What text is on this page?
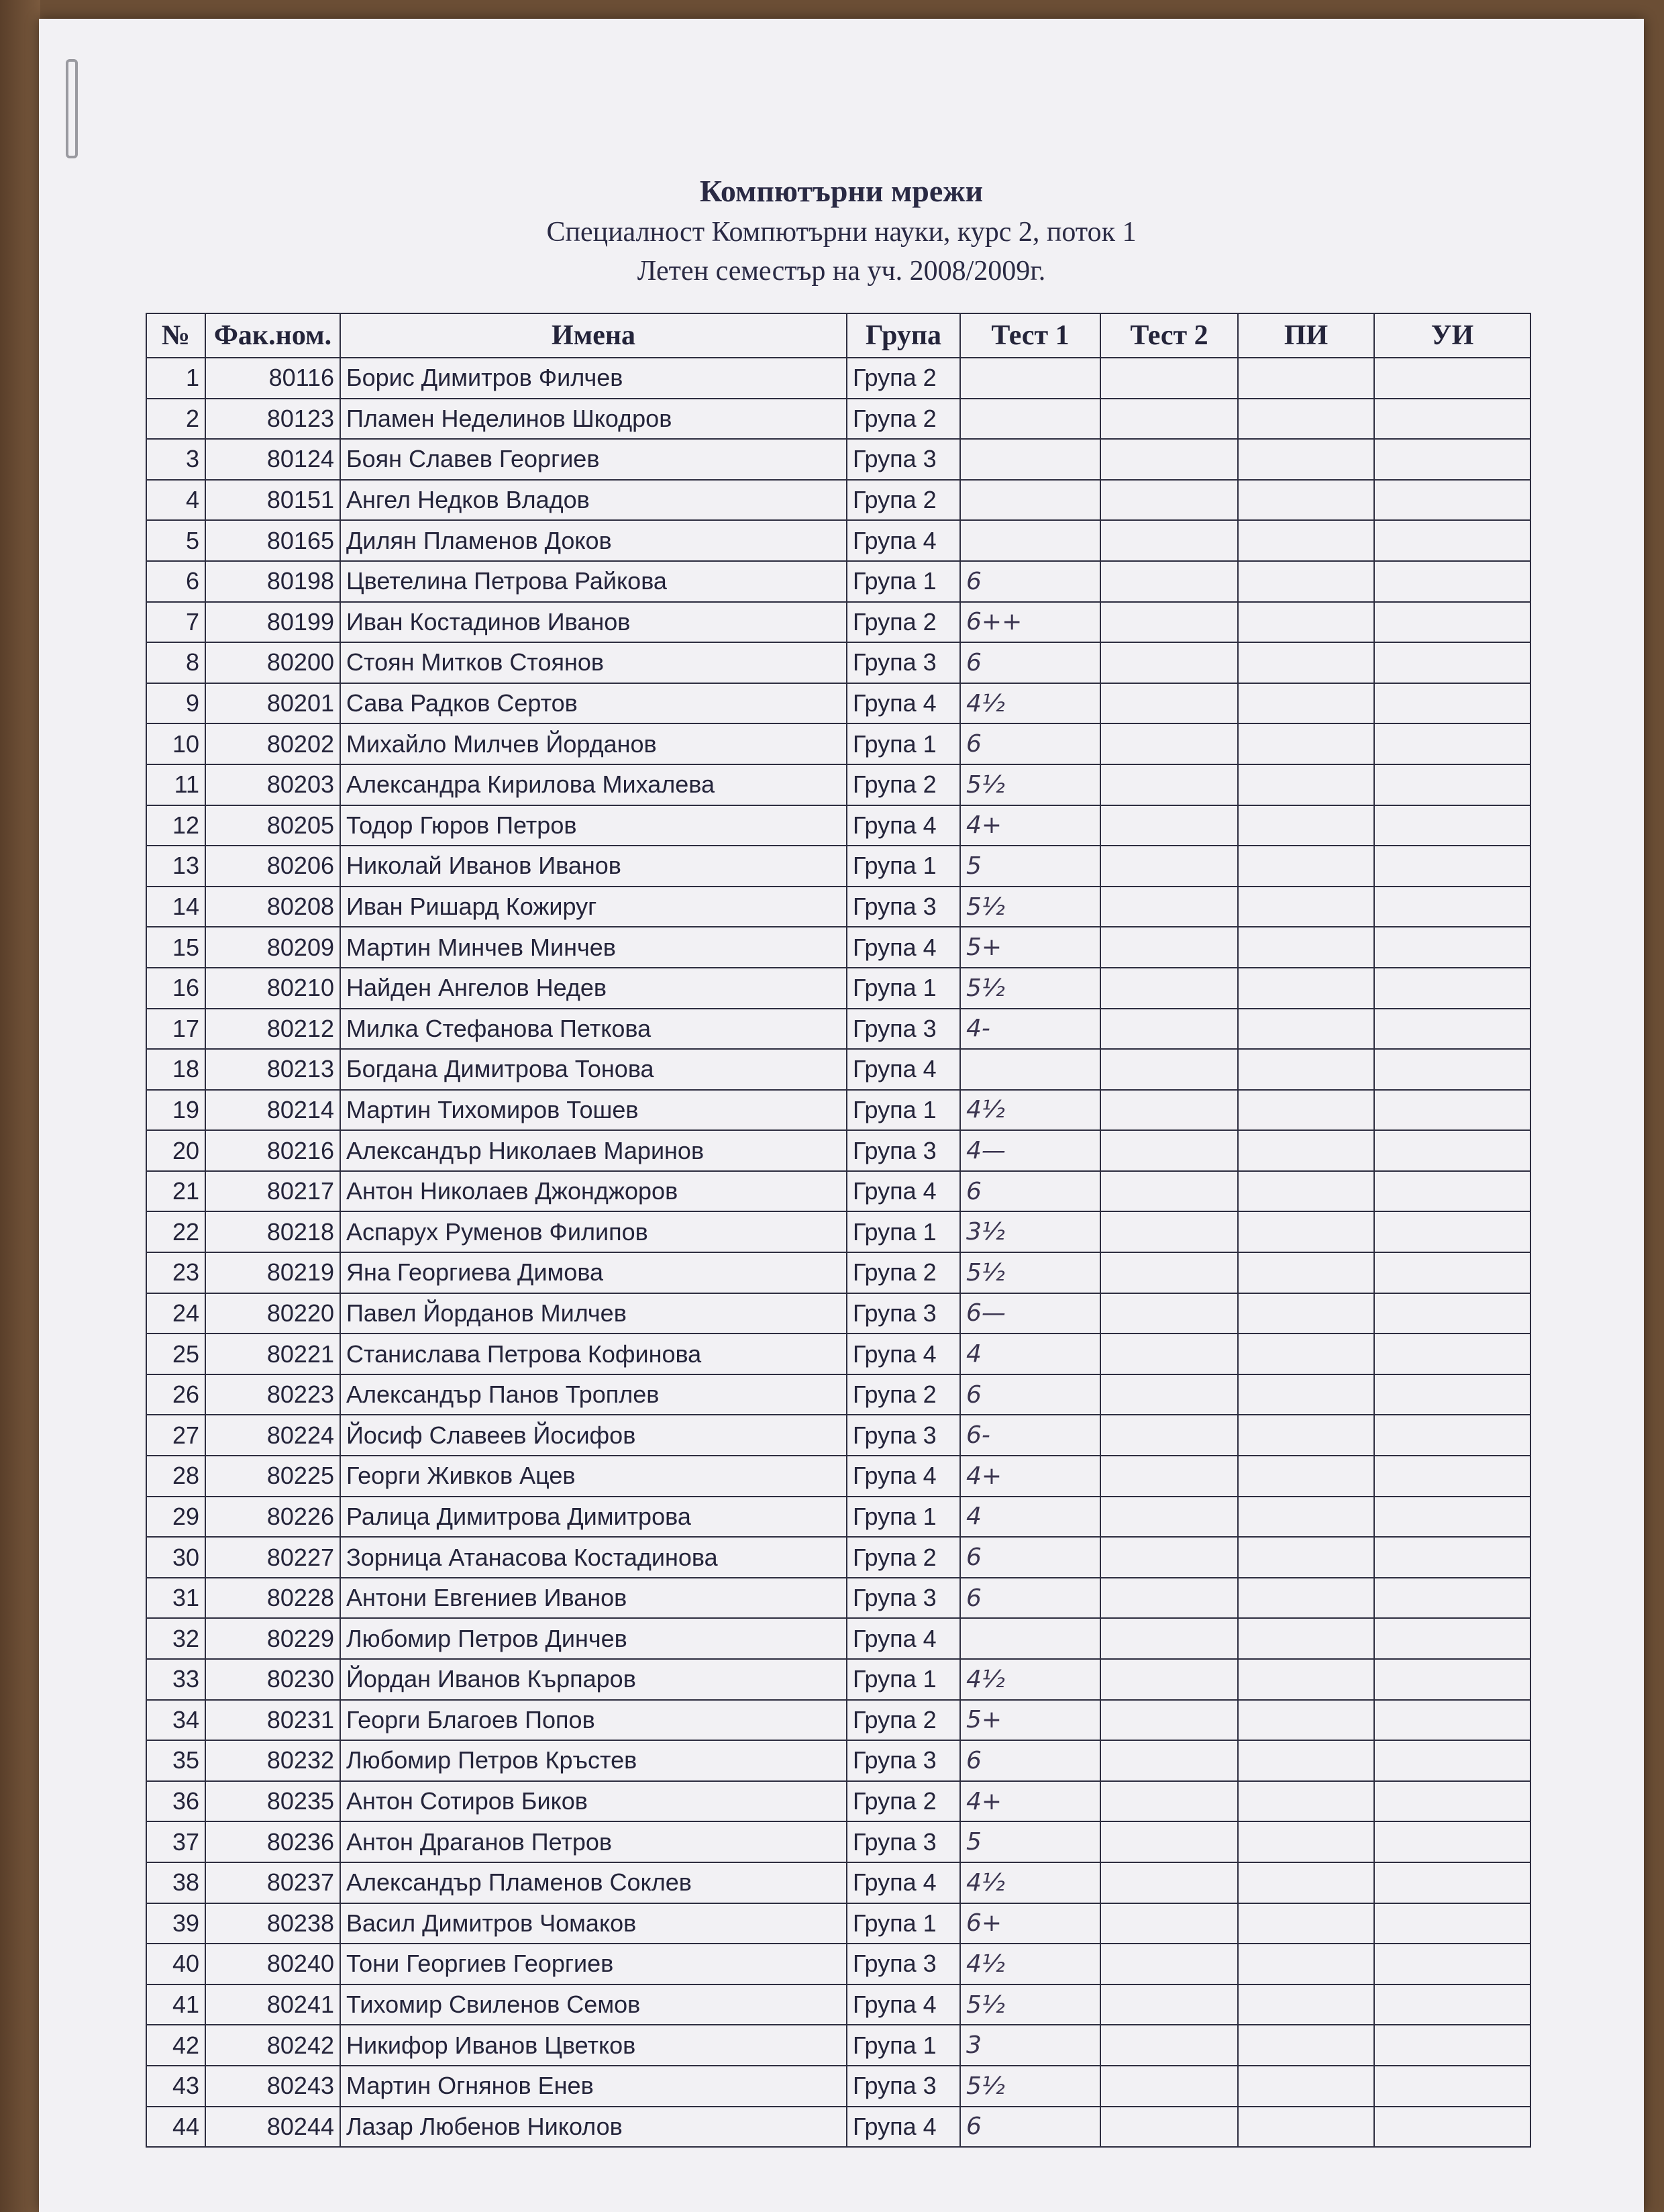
Компютърни мрежи
Специалност Компютърни науки, курс 2, поток 1
Летен семестър на уч. 2008/2009г.
№	Фак.ном.	Имена	Група	Тест 1	Тест 2	ПИ	УИ
1	80116	Борис Димитров Филчев	Група 2				
2	80123	Пламен Неделинов Шкодров	Група 2				
3	80124	Боян Славев Георгиев	Група 3				
4	80151	Ангел Недков Владов	Група 2				
5	80165	Дилян Пламенов Доков	Група 4				
6	80198	Цветелина Петрова Райкова	Група 1	6			
7	80199	Иван Костадинов Иванов	Група 2	6++			
8	80200	Стоян Митков Стоянов	Група 3	6			
9	80201	Сава Радков Сертов	Група 4	4½			
10	80202	Михайло Милчев Йорданов	Група 1	6			
11	80203	Александра Кирилова Михалева	Група 2	5½			
12	80205	Тодор Гюров Петров	Група 4	4+			
13	80206	Николай Иванов Иванов	Група 1	5			
14	80208	Иван Ришард Кожируг	Група 3	5½			
15	80209	Мартин Минчев Минчев	Група 4	5+			
16	80210	Найден Ангелов Недев	Група 1	5½			
17	80212	Милка Стефанова Петкова	Група 3	4-			
18	80213	Богдана Димитрова Тонова	Група 4				
19	80214	Мартин Тихомиров Тошев	Група 1	4½			
20	80216	Александър Николаев Маринов	Група 3	4—			
21	80217	Антон Николаев Джонджоров	Група 4	6			
22	80218	Аспарух Руменов Филипов	Група 1	3½			
23	80219	Яна Георгиева Димова	Група 2	5½			
24	80220	Павел Йорданов Милчев	Група 3	6—			
25	80221	Станислава Петрова Кофинова	Група 4	4			
26	80223	Александър Панов Троплев	Група 2	6			
27	80224	Йосиф Славеев Йосифов	Група 3	6-			
28	80225	Георги Живков Ацев	Група 4	4+			
29	80226	Ралица Димитрова Димитрова	Група 1	4			
30	80227	Зорница Атанасова Костадинова	Група 2	6			
31	80228	Антони Евгениев Иванов	Група 3	6			
32	80229	Любомир Петров Динчев	Група 4				
33	80230	Йордан Иванов Кърпаров	Група 1	4½			
34	80231	Георги Благоев Попов	Група 2	5+			
35	80232	Любомир Петров Кръстев	Група 3	6			
36	80235	Антон Сотиров Биков	Група 2	4+			
37	80236	Антон Драганов Петров	Група 3	5			
38	80237	Александър Пламенов Соклев	Група 4	4½			
39	80238	Васил Димитров Чомаков	Група 1	6+			
40	80240	Тони Георгиев Георгиев	Група 3	4½			
41	80241	Тихомир Свиленов Семов	Група 4	5½			
42	80242	Никифор Иванов Цветков	Група 1	3			
43	80243	Мартин Огнянов Енев	Група 3	5½			
44	80244	Лазар Любенов Николов	Група 4	6			
